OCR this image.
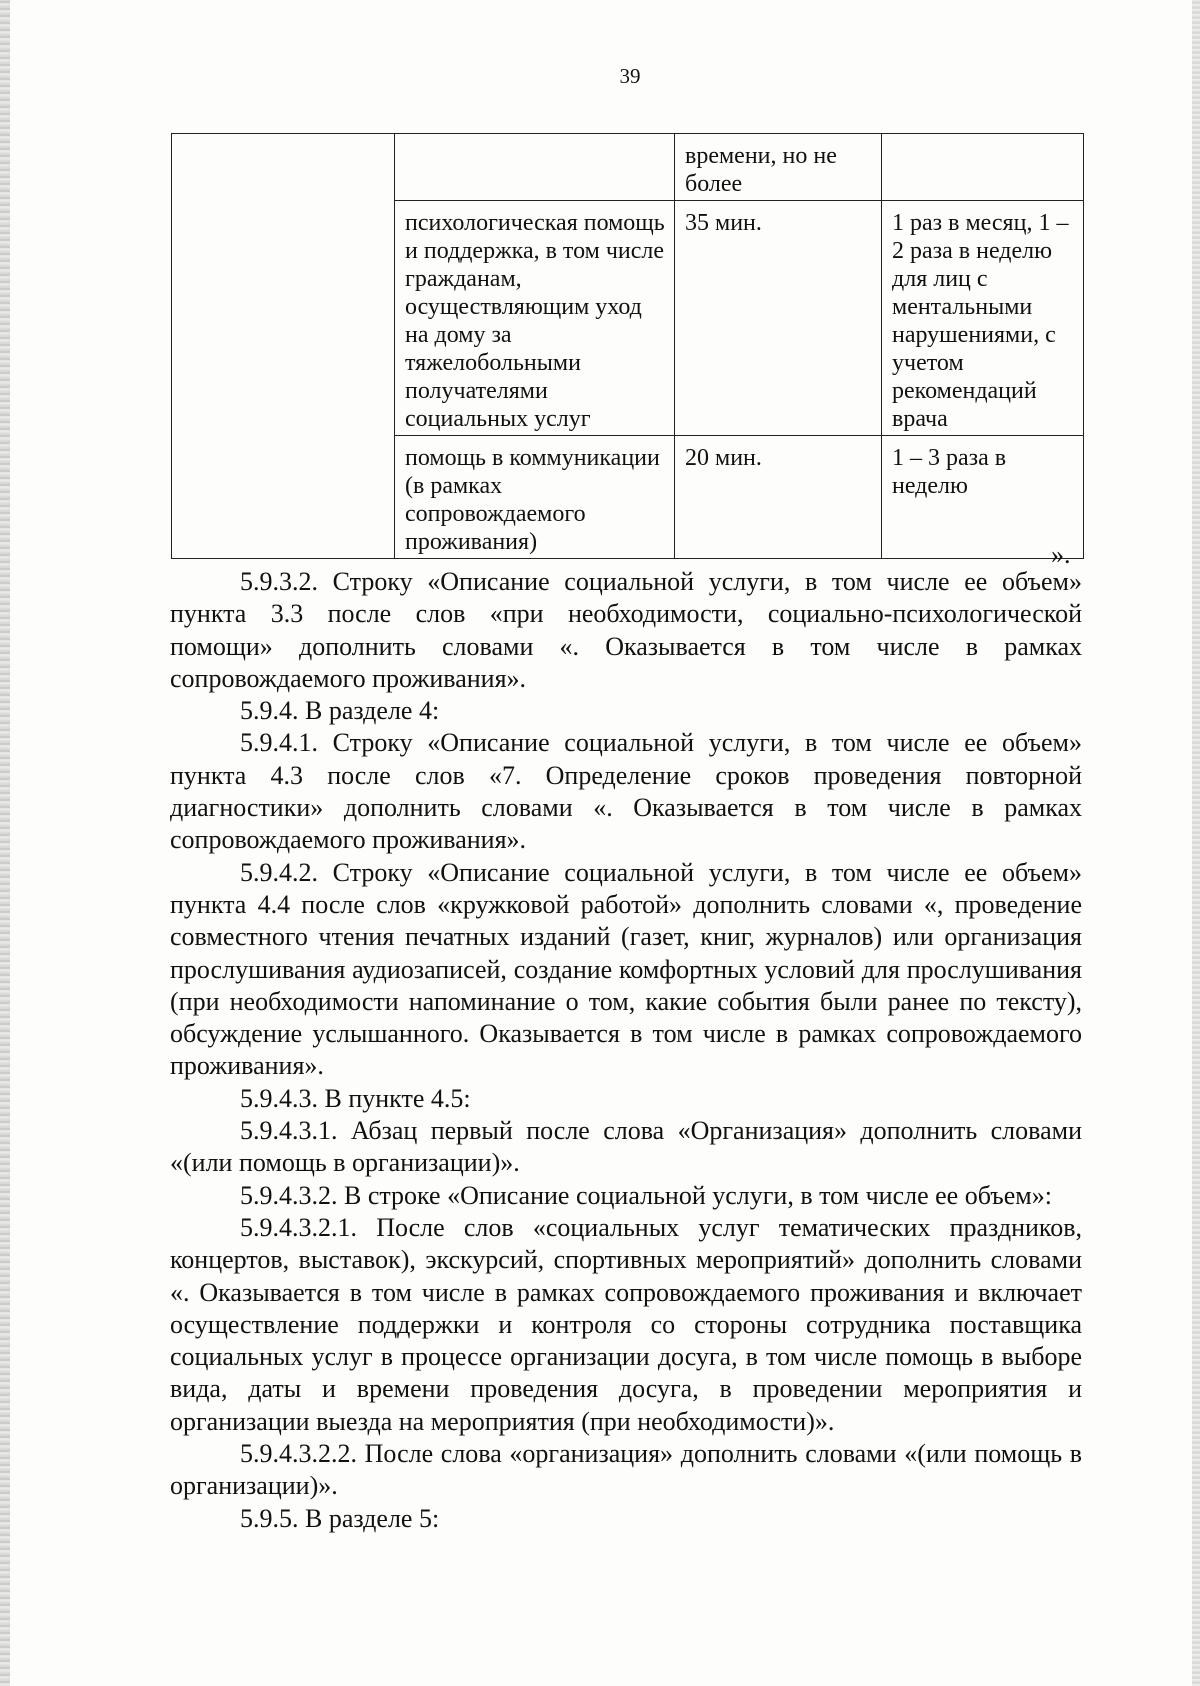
39
		времени, но не более	
	психологическая помощь и поддержка, в том числе гражданам, осуществляющим уход на дому за тяжелобольными получателями социальных услуг	35 мин.	1 раз в месяц, 1 – 2 раза в неделю для лиц с ментальными нарушениями, с учетом рекомендаций врача
	помощь в коммуникации (в рамках сопровождаемого проживания)	20 мин.	1 – 3 раза в неделю
».

5.9.3.2. Строку «Описание социальной услуги, в том числе ее объем» пункта 3.3 после слов «при необходимости, социально-психологической помощи» дополнить словами «. Оказывается в том числе в рамках сопровождаемого проживания».

5.9.4. В разделе 4:

5.9.4.1. Строку «Описание социальной услуги, в том числе ее объем» пункта 4.3 после слов «7. Определение сроков проведения повторной диагностики» дополнить словами «. Оказывается в том числе в рамках сопровождаемого проживания».

5.9.4.2. Строку «Описание социальной услуги, в том числе ее объем» пункта 4.4 после слов «кружковой работой» дополнить словами «, проведение совместного чтения печатных изданий (газет, книг, журналов) или организация прослушивания аудиозаписей, создание комфортных условий для прослушивания (при необходимости напоминание о том, какие события были ранее по тексту), обсуждение услышанного. Оказывается в том числе в рамках сопровождаемого проживания».

5.9.4.3. В пункте 4.5:

5.9.4.3.1. Абзац первый после слова «Организация» дополнить словами «(или помощь в организации)».

5.9.4.3.2. В строке «Описание социальной услуги, в том числе ее объем»:

5.9.4.3.2.1. После слов «социальных услуг тематических праздников, концертов, выставок), экскурсий, спортивных мероприятий» дополнить словами «. Оказывается в том числе в рамках сопровождаемого проживания и включает осуществление поддержки и контроля со стороны сотрудника поставщика социальных услуг в процессе организации досуга, в том числе помощь в выборе вида, даты и времени проведения досуга, в проведении мероприятия и организации выезда на мероприятия (при необходимости)».

5.9.4.3.2.2. После слова «организация» дополнить словами «(или помощь в организации)».

5.9.5. В разделе 5:
